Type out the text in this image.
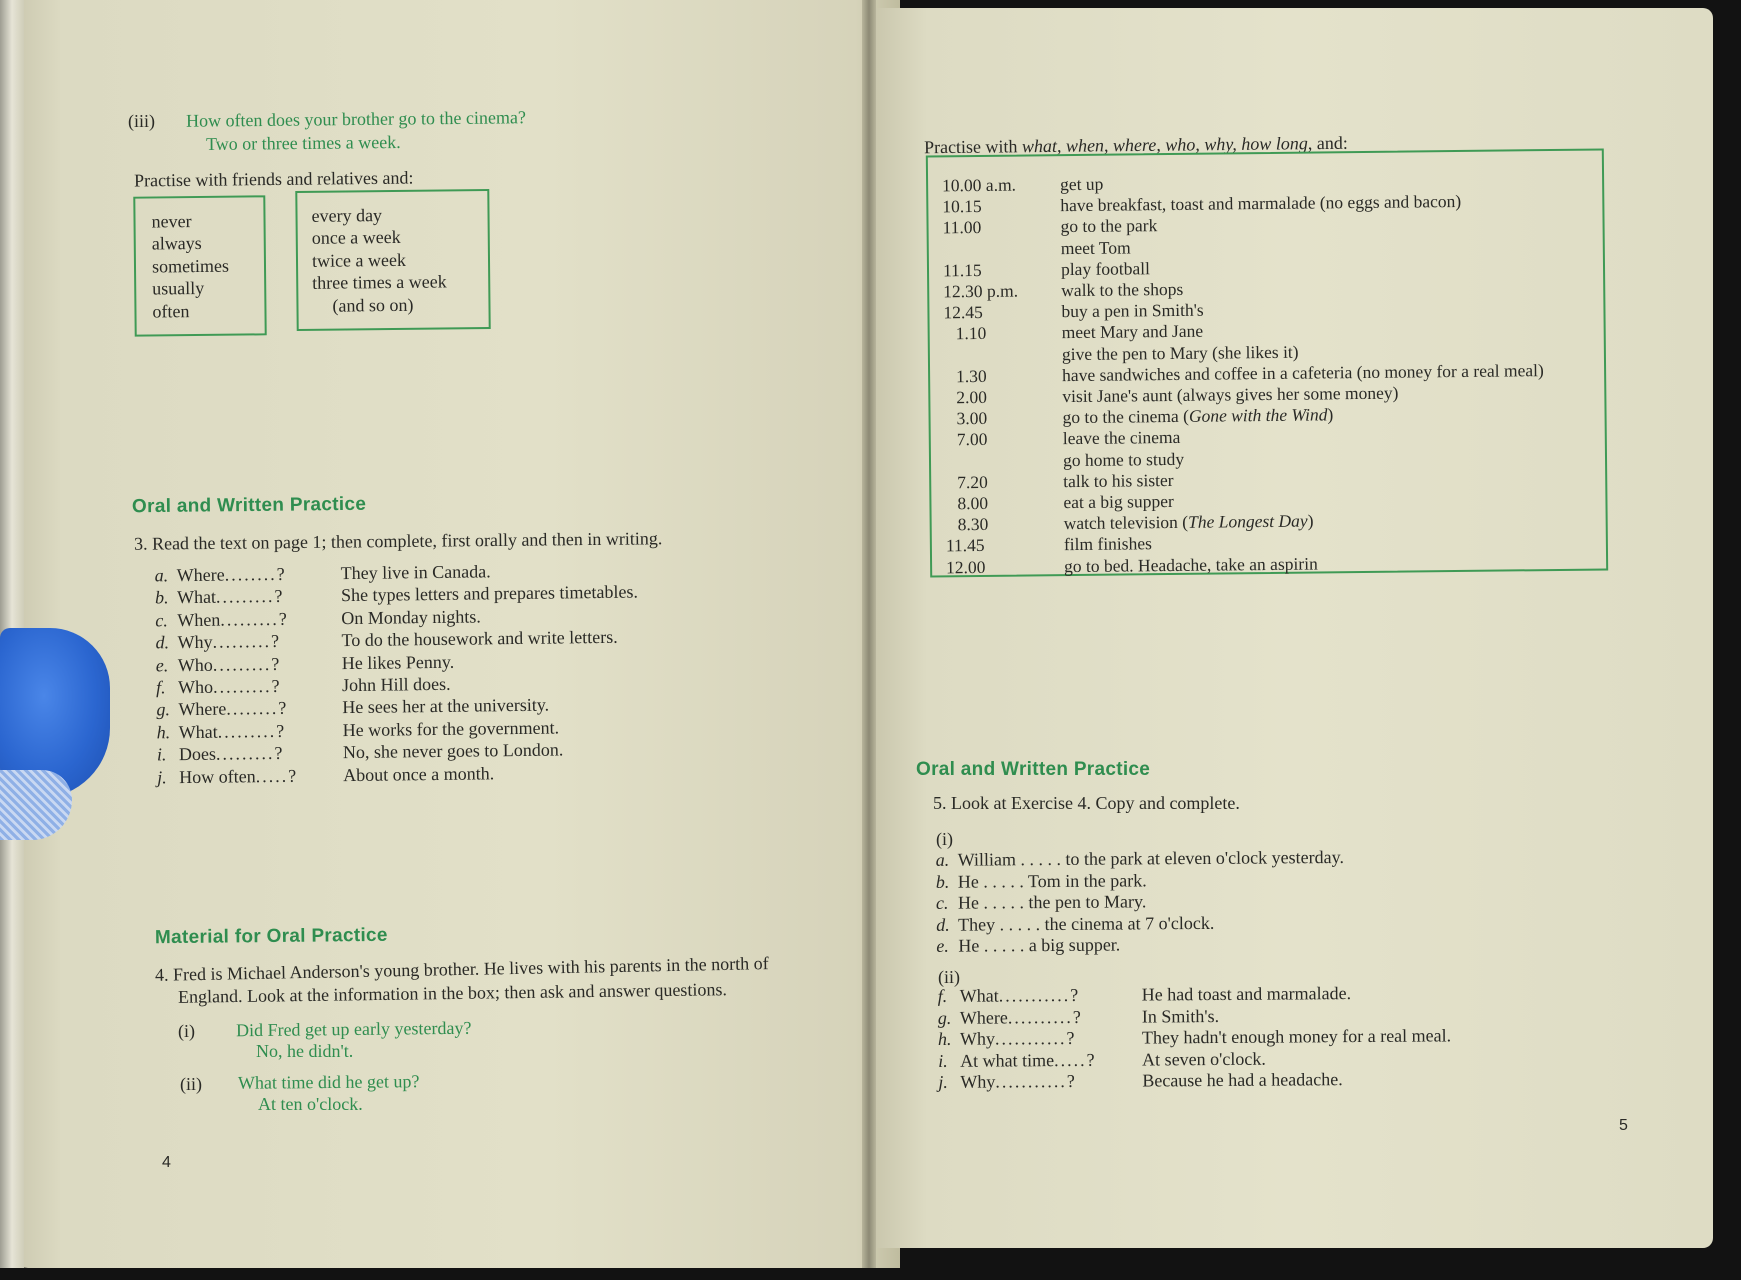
(iii) How often does your brother go to the cinema?
Two or three times a week.
Practise with friends and relatives and:
never
always
sometimes
usually
often
every day
once a week
twice a week
three times a week
(and so on)
Oral and Written Practice
3. Read the text on page 1; then complete, first orally and then in writing.
a. Where........?	They live in Canada.
b. What.........?	She types letters and prepares timetables.
c. When.........?	On Monday nights.
d. Why.........?	To do the housework and write letters.
e. Who.........?	He likes Penny.
f. Who.........?	John Hill does.
g. Where........?	He sees her at the university.
h. What.........?	He works for the government.
i. Does.........?	No, she never goes to London.
j. How often.....?	About once a month.
Material for Oral Practice
4. Fred is Michael Anderson's young brother. He lives with his parents in the north of
England. Look at the information in the box; then ask and answer questions.
(i) Did Fred get up early yesterday?
No, he didn't.
(ii) What time did he get up?
At ten o'clock.
4
Practise with what, when, where, who, why, how long, and:
10.00 a.m.	get up
10.15	have breakfast, toast and marmalade (no eggs and bacon)
11.00	go to the park
meet Tom
11.15	play football
12.30 p.m.	walk to the shops
12.45	buy a pen in Smith's
1.10	meet Mary and Jane
give the pen to Mary (she likes it)
1.30	have sandwiches and coffee in a cafeteria (no money for a real meal)
2.00	visit Jane's aunt (always gives her some money)
3.00	go to the cinema (Gone with the Wind)
7.00	leave the cinema
go home to study
7.20	talk to his sister
8.00	eat a big supper
8.30	watch television (The Longest Day)
11.45	film finishes
12.00	go to bed. Headache, take an aspirin
Oral and Written Practice
5. Look at Exercise 4. Copy and complete.
(i)
a. William . . . . . to the park at eleven o'clock yesterday.
b. He . . . . . Tom in the park.
c. He . . . . . the pen to Mary.
d. They . . . . . the cinema at 7 o'clock.
e. He . . . . . a big supper.
(ii)
f. What...........?	He had toast and marmalade.
g. Where..........?	In Smith's.
h. Why...........?	They hadn't enough money for a real meal.
i. At what time.....?	At seven o'clock.
j. Why...........?	Because he had a headache.
5
